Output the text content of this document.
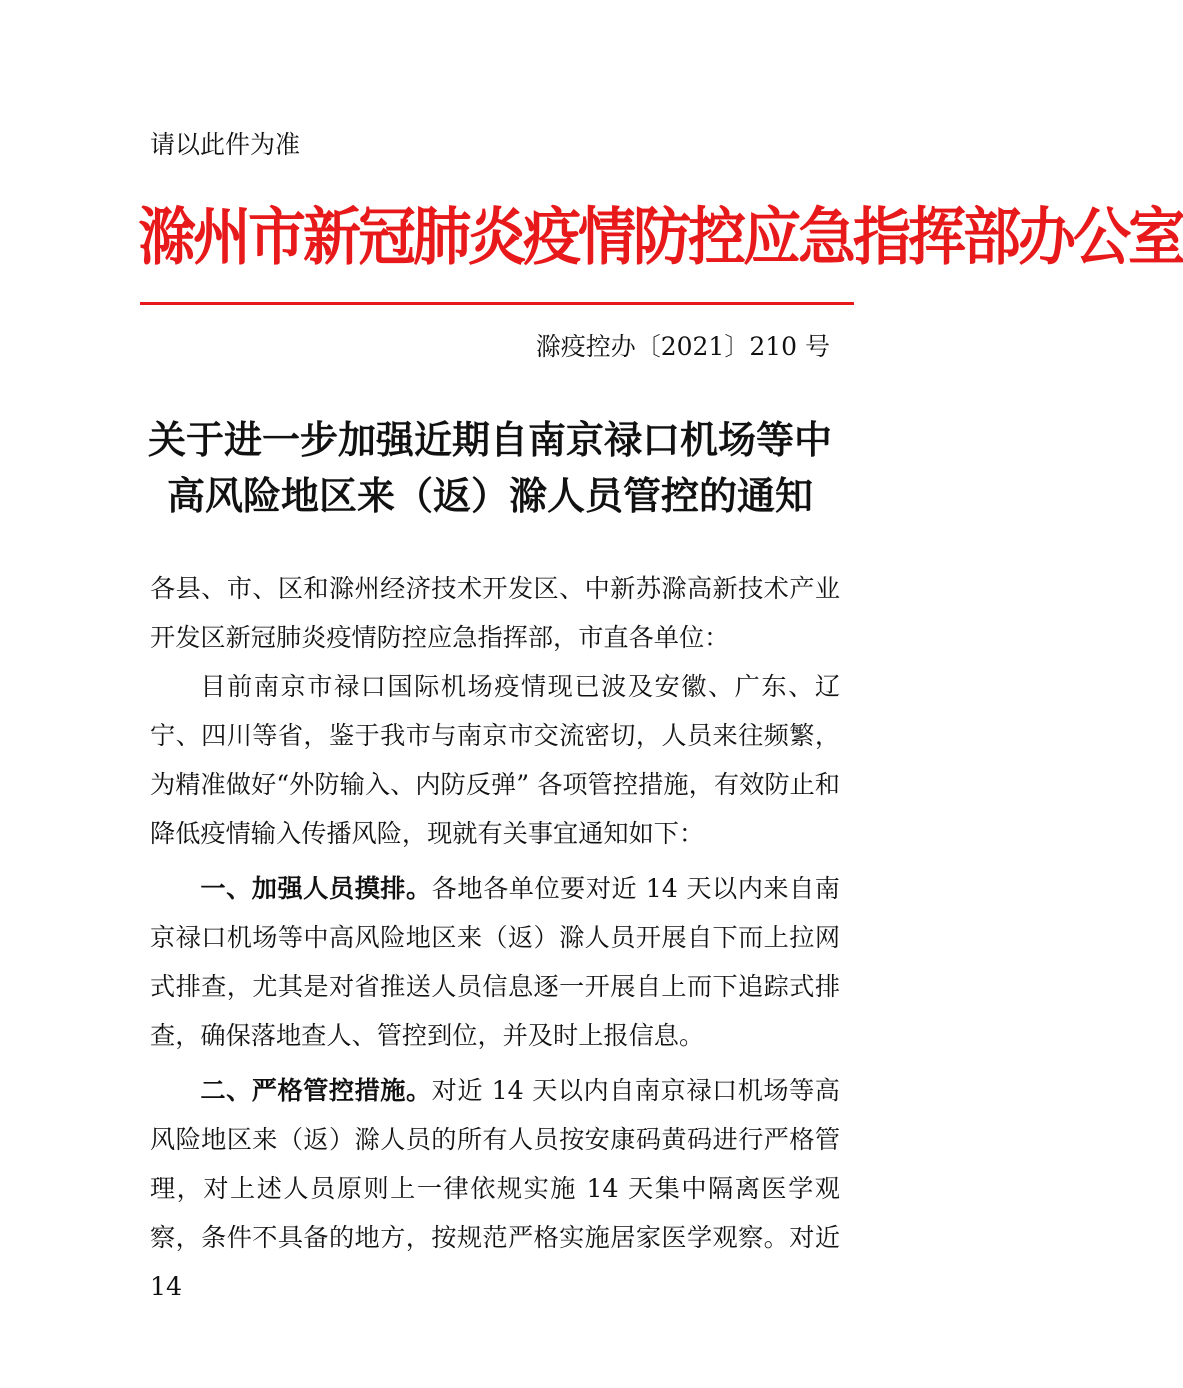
请以此件为准
滁州市新冠肺炎疫情防控应急指挥部办公室
滁疫控办〔2021〕210 号
关于进一步加强近期自南京禄口机场等中
高风险地区来（返）滁人员管控的通知

各县、市、区和滁州经济技术开发区、中新苏滁高新技术产业开发区新冠肺炎疫情防控应急指挥部，市直各单位：

目前南京市禄口国际机场疫情现已波及安徽、广东、辽宁、四川等省，鉴于我市与南京市交流密切，人员来往频繁，为精准做好“外防输入、内防反弹” 各项管控措施，有效防止和降低疫情输入传播风险，现就有关事宜通知如下：

一、加强人员摸排。各地各单位要对近 14 天以内来自南京禄口机场等中高风险地区来（返）滁人员开展自下而上拉网式排查，尤其是对省推送人员信息逐一开展自上而下追踪式排查，确保落地查人、管控到位，并及时上报信息。

二、严格管控措施。对近 14 天以内自南京禄口机场等高风险地区来（返）滁人员的所有人员按安康码黄码进行严格管理，对上述人员原则上一律依规实施 14 天集中隔离医学观察，条件不具备的地方，按规范严格实施居家医学观察。对近 14
